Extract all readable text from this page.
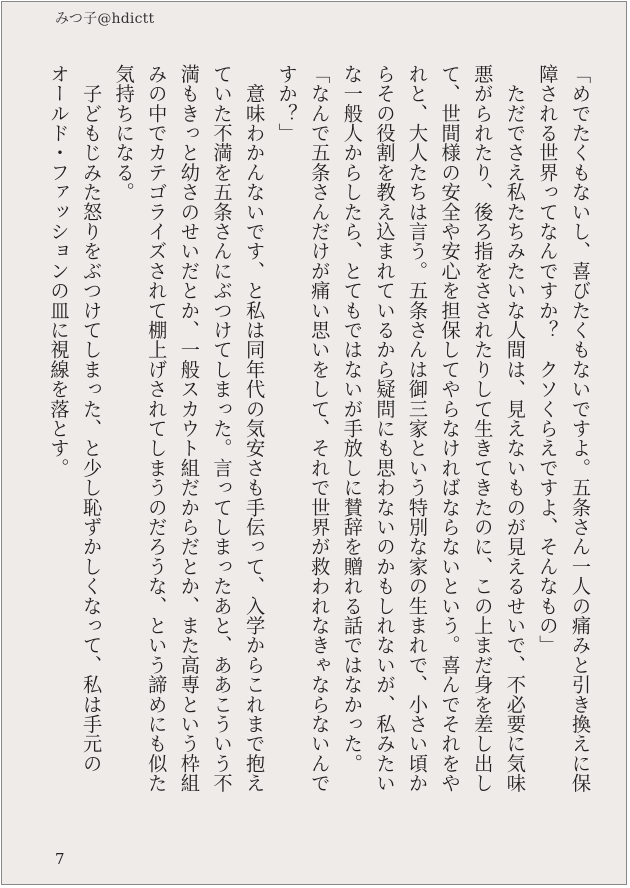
みつ子@hdictt
「めでたくもないし、喜びたくもないですよ。五条さん一人の痛みと引き換えに保
障される世界ってなんですか？　クソくらえですよ、そんなもの」
　ただでさえ私たちみたいな人間は、見えないものが見えるせいで、不必要に気味
悪がられたり、後ろ指をさされたりして生きてきたのに、この上まだ身を差し出し
て、世間様の安全や安心を担保してやらなければならないという。喜んでそれをや
れと、大人たちは言う。五条さんは御三家という特別な家の生まれで、小さい頃か
らその役割を教え込まれているから疑問にも思わないのかもしれないが、私みたい
な一般人からしたら、とてもではないが手放しに賛辞を贈れる話ではなかった。
「なんで五条さんだけが痛い思いをして、それで世界が救われなきゃならないんで
すか？」
　意味わかんないです、と私は同年代の気安さも手伝って、入学からこれまで抱え
ていた不満を五条さんにぶつけてしまった。言ってしまったあと、ああこういう不
満もきっと幼さのせいだとか、一般スカウト組だからだとか、また高専という枠組
みの中でカテゴライズされて棚上げされてしまうのだろうな、という諦めにも似た
気持ちになる。
　子どもじみた怒りをぶつけてしまった、と少し恥ずかしくなって、私は手元の
オールド・ファッションの皿に視線を落とす。
7
